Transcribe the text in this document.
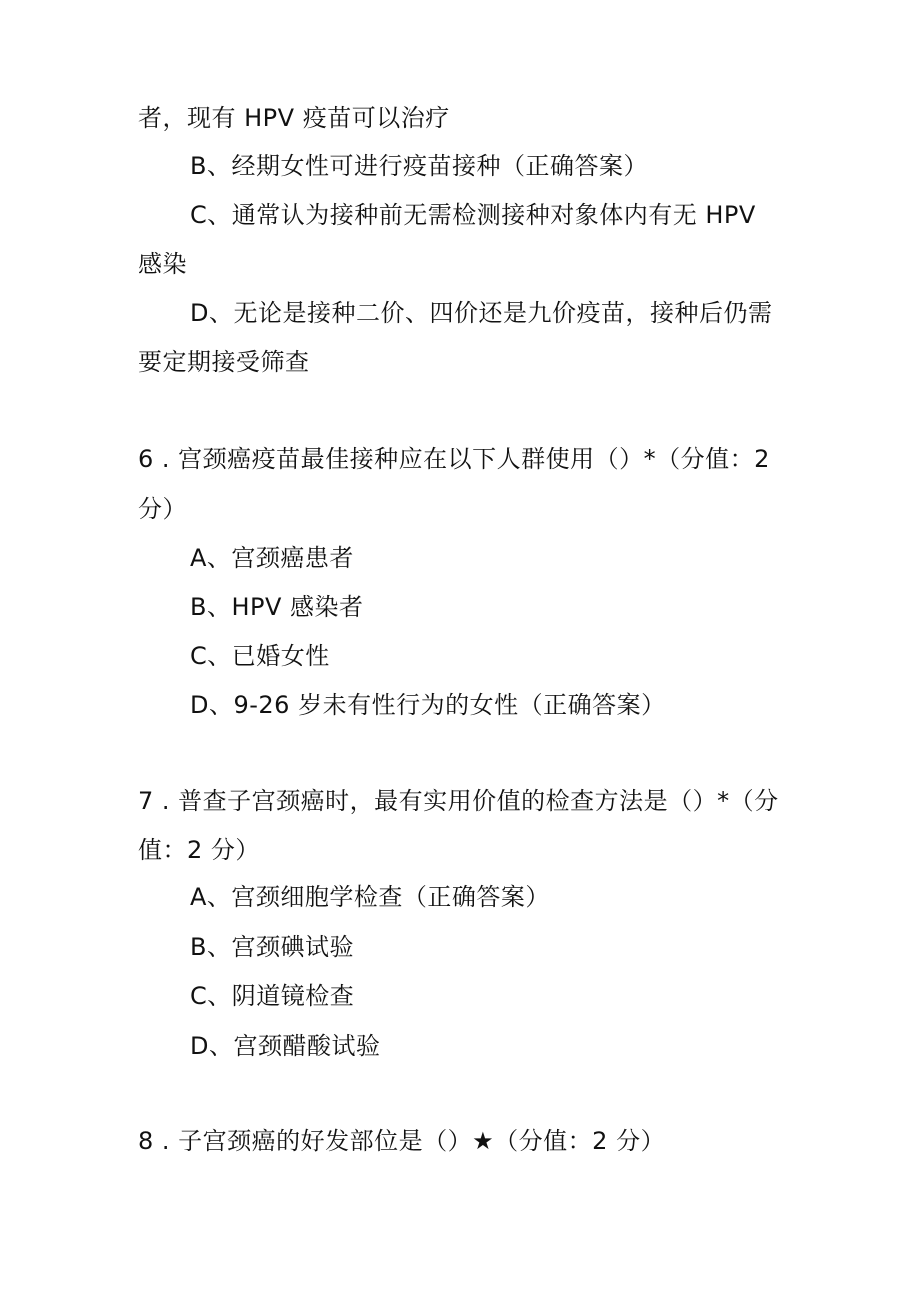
者，现有 HPV 疫苗可以治疗
B、经期女性可进行疫苗接种（正确答案）
C、通常认为接种前无需检测接种对象体内有无 HPV
感染
D、无论是接种二价、四价还是九价疫苗，接种后仍需
要定期接受筛查
6 . 宫颈癌疫苗最佳接种应在以下人群使用（）*（分值：2
分）
A、宫颈癌患者
B、HPV 感染者
C、已婚女性
D、9-26 岁未有性行为的女性（正确答案）
7 . 普查子宫颈癌时，最有实用价值的检查方法是（）*（分
值：2 分）
A、宫颈细胞学检查（正确答案）
B、宫颈碘试验
C、阴道镜检查
D、宫颈醋酸试验
8 . 子宫颈癌的好发部位是（）★（分值：2 分）
